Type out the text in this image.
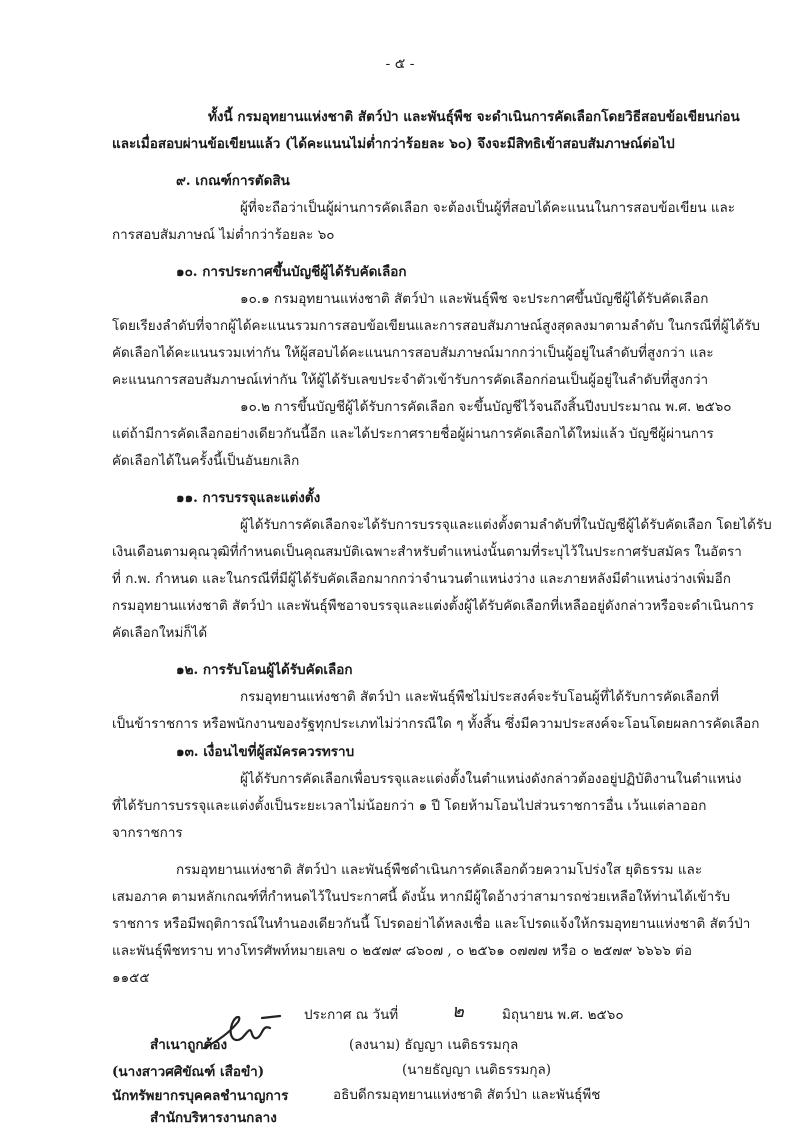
- ๕ -
ทั้งนี้ กรมอุทยานแห่งชาติ สัตว์ป่า และพันธุ์พืช จะดำเนินการคัดเลือกโดยวิธีสอบข้อเขียนก่อน
และเมื่อสอบผ่านข้อเขียนแล้ว (ได้คะแนนไม่ต่ำกว่าร้อยละ ๖๐) จึงจะมีสิทธิเข้าสอบสัมภาษณ์ต่อไป
๙. เกณฑ์การตัดสิน
ผู้ที่จะถือว่าเป็นผู้ผ่านการคัดเลือก จะต้องเป็นผู้ที่สอบได้คะแนนในการสอบข้อเขียน และ
การสอบสัมภาษณ์ ไม่ต่ำกว่าร้อยละ ๖๐
๑๐. การประกาศขึ้นบัญชีผู้ได้รับคัดเลือก
๑๐.๑ กรมอุทยานแห่งชาติ สัตว์ป่า และพันธุ์พืช จะประกาศขึ้นบัญชีผู้ได้รับคัดเลือก
โดยเรียงลำดับที่จากผู้ได้คะแนนรวมการสอบข้อเขียนและการสอบสัมภาษณ์สูงสุดลงมาตามลำดับ ในกรณีที่ผู้ได้รับ
คัดเลือกได้คะแนนรวมเท่ากัน ให้ผู้สอบได้คะแนนการสอบสัมภาษณ์มากกว่าเป็นผู้อยู่ในลำดับที่สูงกว่า และ
คะแนนการสอบสัมภาษณ์เท่ากัน ให้ผู้ได้รับเลขประจำตัวเข้ารับการคัดเลือกก่อนเป็นผู้อยู่ในลำดับที่สูงกว่า
๑๐.๒ การขึ้นบัญชีผู้ได้รับการคัดเลือก จะขึ้นบัญชีไว้จนถึงสิ้นปีงบประมาณ พ.ศ. ๒๕๖๐
แต่ถ้ามีการคัดเลือกอย่างเดียวกันนี้อีก และได้ประกาศรายชื่อผู้ผ่านการคัดเลือกได้ใหม่แล้ว บัญชีผู้ผ่านการ
คัดเลือกได้ในครั้งนี้เป็นอันยกเลิก
๑๑. การบรรจุและแต่งตั้ง
ผู้ได้รับการคัดเลือกจะได้รับการบรรจุและแต่งตั้งตามลำดับที่ในบัญชีผู้ได้รับคัดเลือก โดยได้รับ
เงินเดือนตามคุณวุฒิที่กำหนดเป็นคุณสมบัติเฉพาะสำหรับตำแหน่งนั้นตามที่ระบุไว้ในประกาศรับสมัคร ในอัตรา
ที่ ก.พ. กำหนด และในกรณีที่มีผู้ได้รับคัดเลือกมากกว่าจำนวนตำแหน่งว่าง และภายหลังมีตำแหน่งว่างเพิ่มอีก
กรมอุทยานแห่งชาติ สัตว์ป่า และพันธุ์พืชอาจบรรจุและแต่งตั้งผู้ได้รับคัดเลือกที่เหลืออยู่ดังกล่าวหรือจะดำเนินการ
คัดเลือกใหม่ก็ได้
๑๒. การรับโอนผู้ได้รับคัดเลือก
กรมอุทยานแห่งชาติ สัตว์ป่า และพันธุ์พืชไม่ประสงค์จะรับโอนผู้ที่ได้รับการคัดเลือกที่
เป็นข้าราชการ หรือพนักงานของรัฐทุกประเภทไม่ว่ากรณีใด ๆ ทั้งสิ้น ซึ่งมีความประสงค์จะโอนโดยผลการคัดเลือก
๑๓. เงื่อนไขที่ผู้สมัครควรทราบ
ผู้ได้รับการคัดเลือกเพื่อบรรจุและแต่งตั้งในตำแหน่งดังกล่าวต้องอยู่ปฏิบัติงานในตำแหน่ง
ที่ได้รับการบรรจุและแต่งตั้งเป็นระยะเวลาไม่น้อยกว่า ๑ ปี โดยห้ามโอนไปส่วนราชการอื่น เว้นแต่ลาออก
จากราชการ
กรมอุทยานแห่งชาติ สัตว์ป่า และพันธุ์พืชดำเนินการคัดเลือกด้วยความโปร่งใส ยุติธรรม และ
เสมอภาค ตามหลักเกณฑ์ที่กำหนดไว้ในประกาศนี้ ดังนั้น หากมีผู้ใดอ้างว่าสามารถช่วยเหลือให้ท่านได้เข้ารับ
ราชการ หรือมีพฤติการณ์ในทำนองเดียวกันนี้ โปรดอย่าได้หลงเชื่อ และโปรดแจ้งให้กรมอุทยานแห่งชาติ สัตว์ป่า
และพันธุ์พืชทราบ ทางโทรศัพท์หมายเลข ๐ ๒๕๗๙ ๘๖๐๗ , ๐ ๒๕๖๑ ๐๗๗๗ หรือ ๐ ๒๕๗๙ ๖๖๖๖ ต่อ
๑๑๕๕
ประกาศ ณ วันที่	๒	มิถุนายน พ.ศ. ๒๕๖๐
สำเนาถูกต้อง	(ลงนาม) ธัญญา เนติธรรมกุล
(นายธัญญา เนติธรรมกุล)
(นางสาวศศิขัณฑ์ เสือขำ)
อธิบดีกรมอุทยานแห่งชาติ สัตว์ป่า และพันธุ์พืช
นักทรัพยากรบุคคลชำนาญการ
สำนักบริหารงานกลาง
